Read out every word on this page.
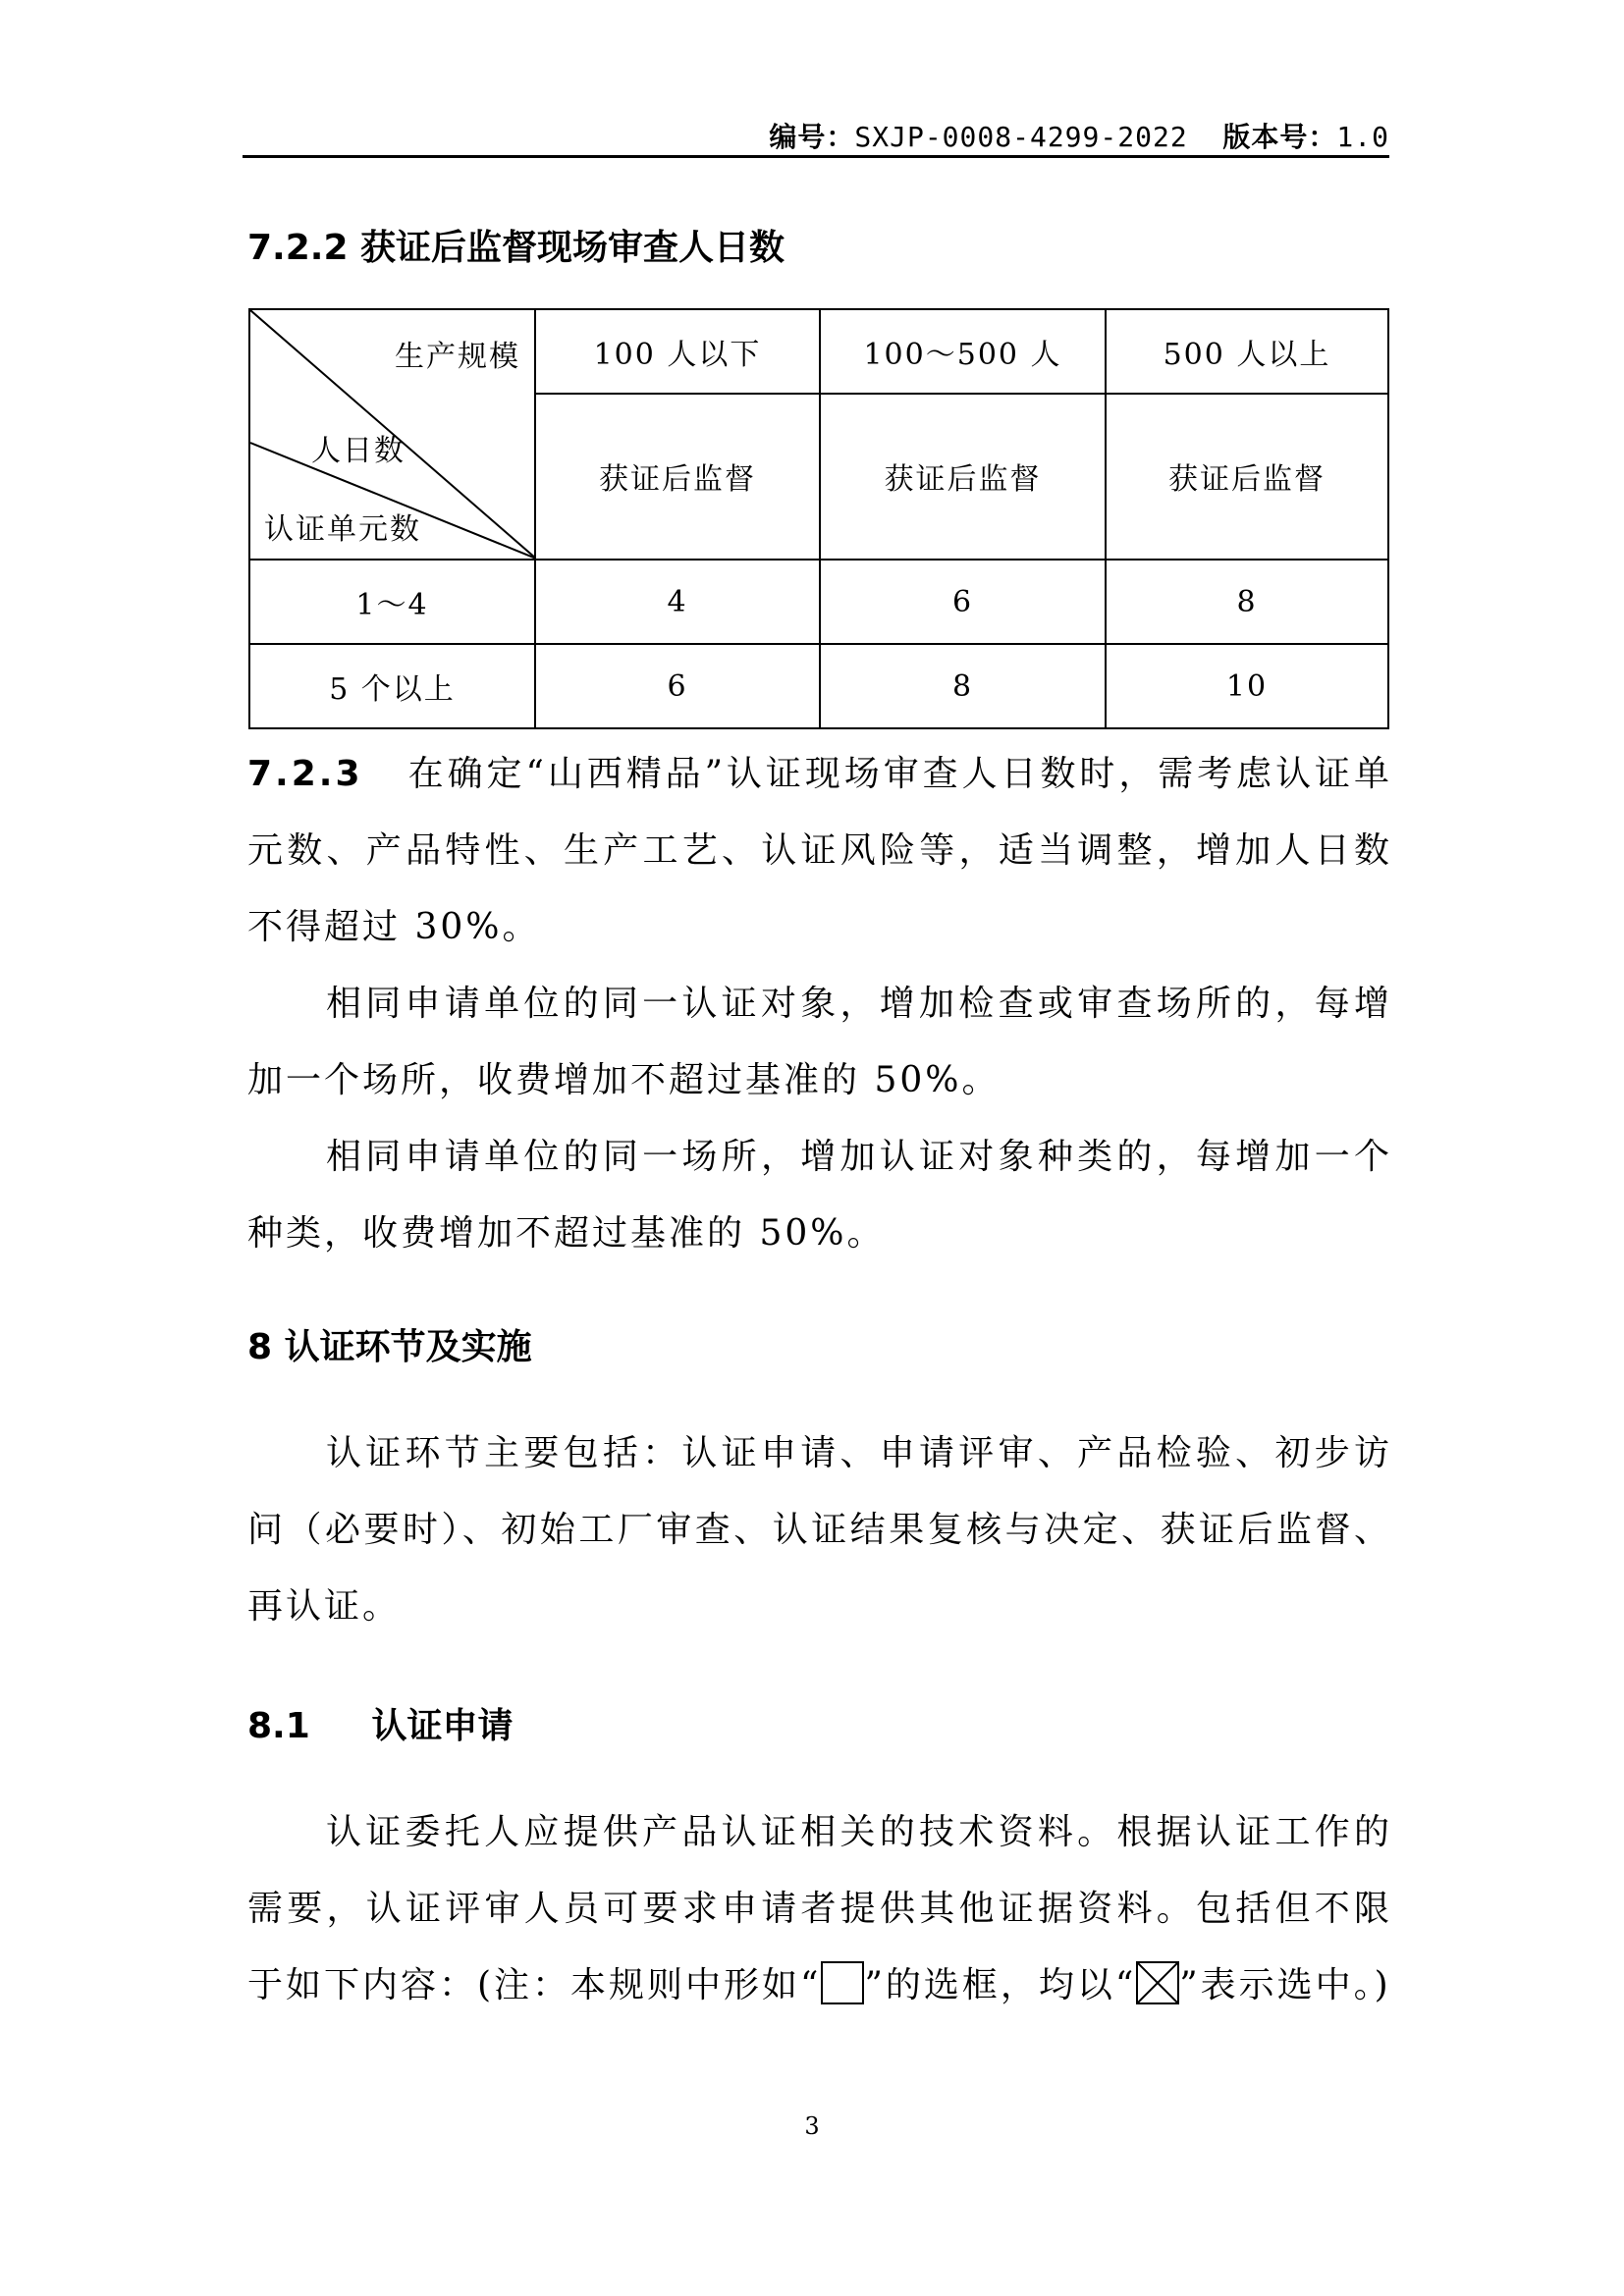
编号：SXJP-0008-4299-2022 版本号：1.0
7.2.2 获证后监督现场审查人日数
生产规模
人日数
认证单元数	100 人以下	100～500 人	500 人以上
	获证后监督	获证后监督	获证后监督
1～4	4	6	8
5 个以上	6	8	10
7.2.3 在确定“山西精品”认证现场审查人日数时，需考虑认证单元数、产品特性、生产工艺、认证风险等，适当调整，增加人日数不得超过 30%。
相同申请单位的同一认证对象，增加检查或审查场所的，每增加一个场所，收费增加不超过基准的 50%。
相同申请单位的同一场所，增加认证对象种类的，每增加一个种类，收费增加不超过基准的 50%。
8 认证环节及实施
认证环节主要包括：认证申请、申请评审、产品检验、初步访问（必要时）、初始工厂审查、认证结果复核与决定、获证后监督、再认证。
8.1 认证申请
认证委托人应提供产品认证相关的技术资料。根据认证工作的需要，认证评审人员可要求申请者提供其他证据资料。包括但不限于如下内容：(注：本规则中形如“ ”的选框，均以“ ”表示选中。)
3
